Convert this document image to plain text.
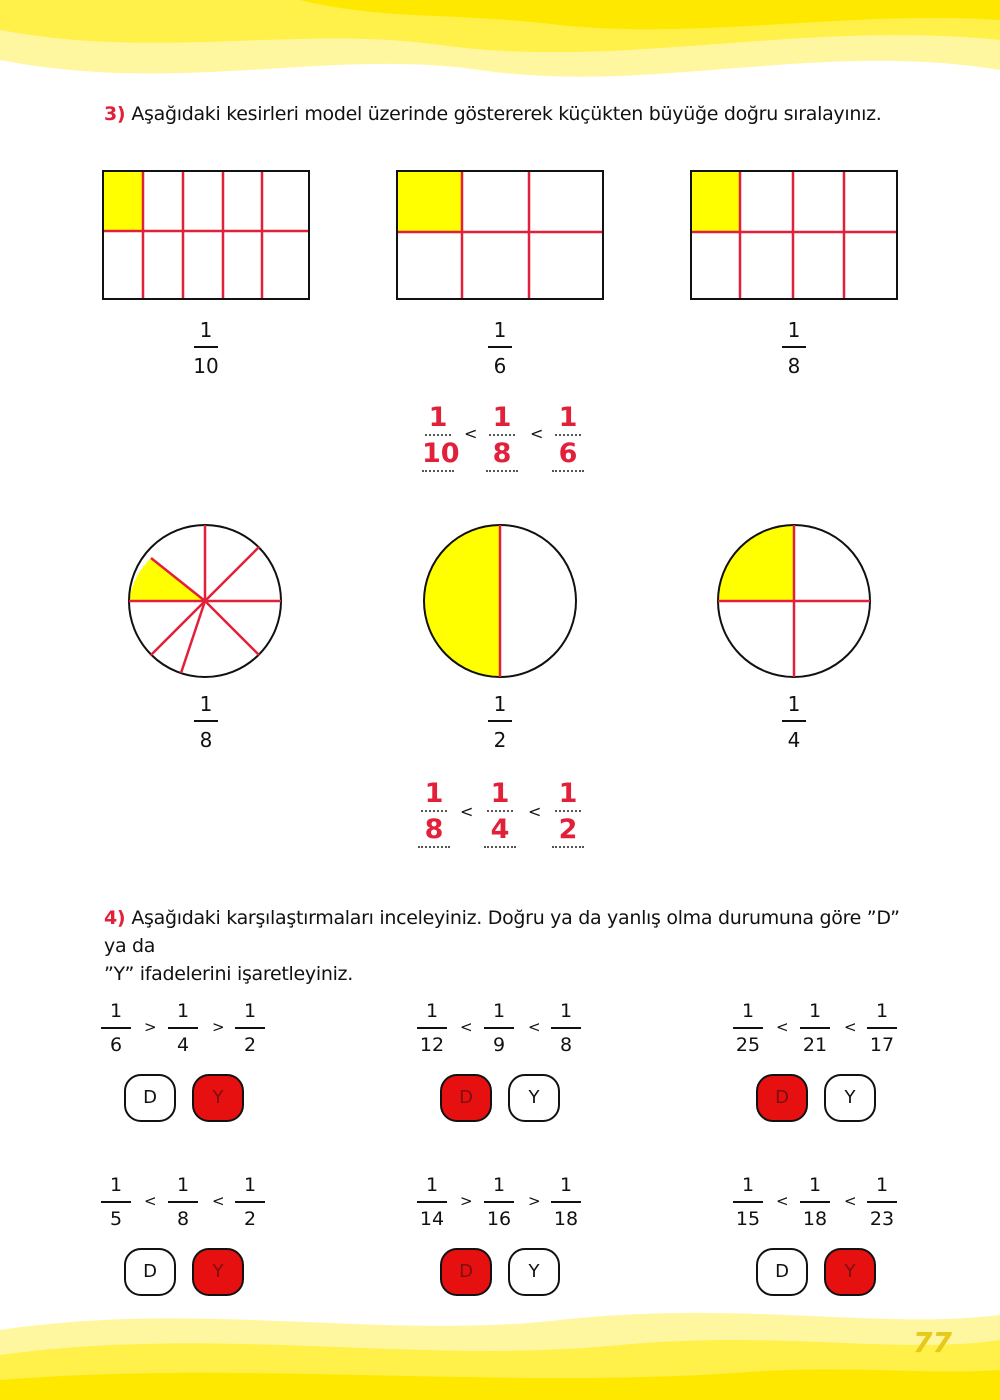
3) Aşağıdaki kesirleri model üzerinde göstererek küçükten büyüğe doğru sıralayınız.
1
10
1
6
1
8
$\frac{1}{10} < \frac{1}{8} < \frac{1}{6}$
1
8
1
2
1
4
$\frac{1}{8} < \frac{1}{4} < \frac{1}{2}$
4) Aşağıdaki karşılaştırmaları inceleyiniz. Doğru ya da yanlış olma durumuna göre ”D” ya da
”Y” ifadelerini işaretleyiniz.
1
6
1
4
1
2
>	>
D	Y
1
12
1
9
1
8
<	<
D	Y
1
25
1
21
1
17
<	<
D	Y
1
5
1
8
1
2
<	<
D	Y
1
14
1
16
1
18
>	>
D	Y
1
15
1
18
1
23
<	<
D	Y
77
